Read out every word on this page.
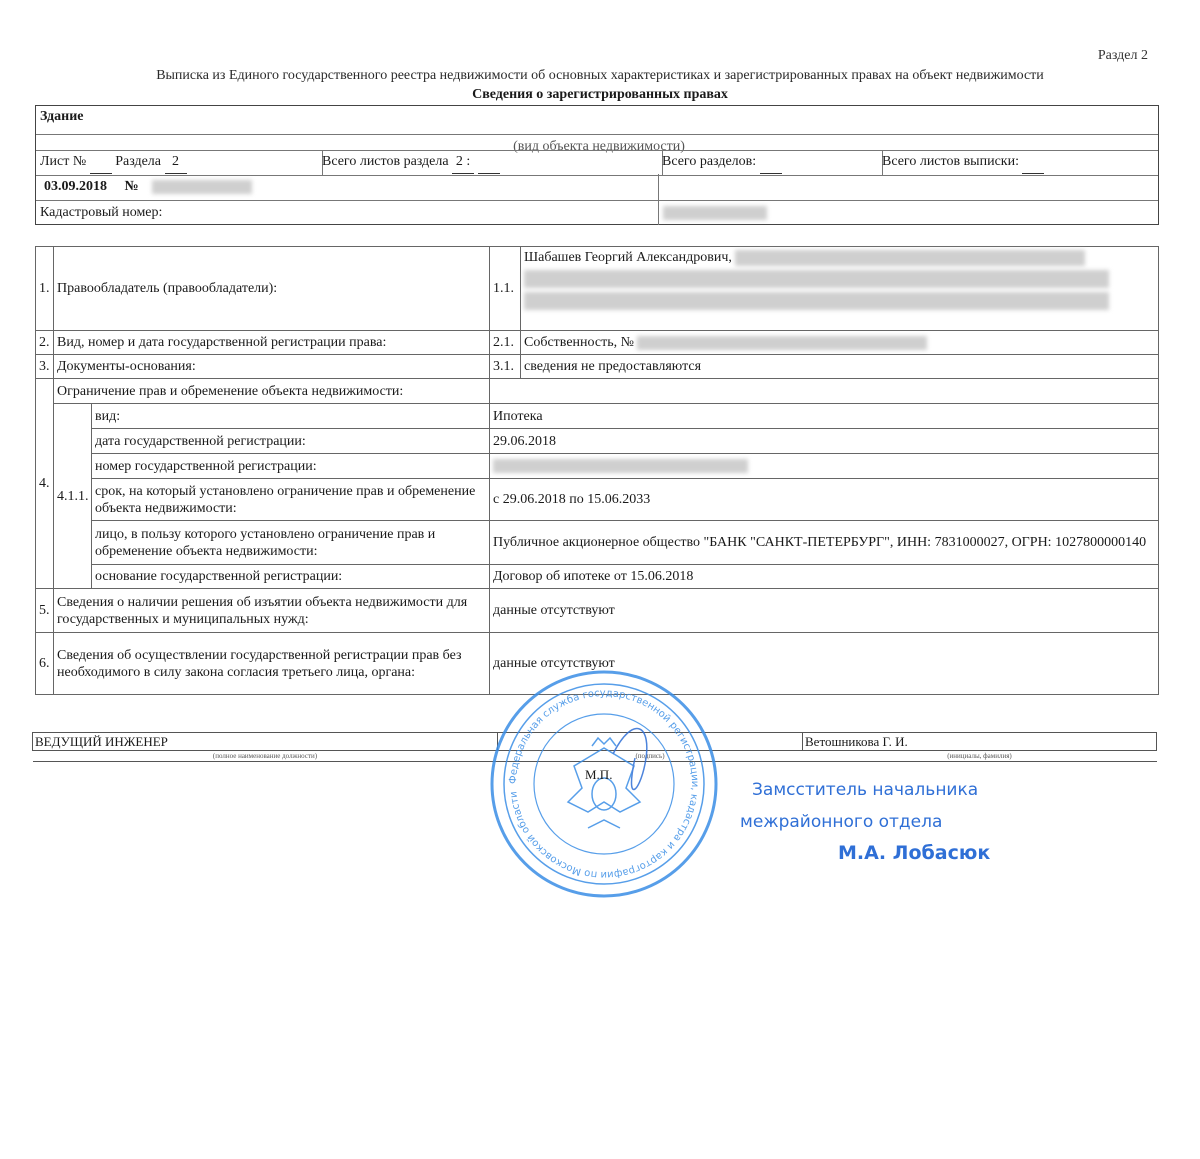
Раздел 2
Выписка из Единого государственного реестра недвижимости об основных характеристиках и зарегистрированных правах на объект недвижимости
Сведения о зарегистрированных правах
Здание
(вид объекта недвижимости)
Лист № Раздела 2	Всего листов раздела 2 :	Всего разделов:	Всего листов выписки:
03.09.2018 №
Кадастровый номер:
1.	Правообладатель (правообладатели):		1.1.	Шабашев Георгий Александрович,

2.	Вид, номер и дата государственной регистрации права:		2.1.	Собственность, №
3.	Документы-основания:		3.1.	сведения не предоставляются
4.	Ограничение прав и обременение объекта недвижимости:			
	4.1.1.	вид:	Ипотека	
		дата государственной регистрации:	29.06.2018	
		номер государственной регистрации:		
		срок, на который установлено ограничение прав и обременение объекта недвижимости:	с 29.06.2018 по 15.06.2033	
		лицо, в пользу которого установлено ограничение прав и обременение объекта недвижимости:	Публичное акционерное общество "БАНК "САНКТ-ПЕТЕРБУРГ", ИНН: 7831000027, ОГРН: 1027800000140	
		основание государственной регистрации:	Договор об ипотеке от 15.06.2018	
5.	Сведения о наличии решения об изъятии объекта недвижимости для государственных и муниципальных нужд:		данные отсутствуют	
6.	Сведения об осуществлении государственной регистрации прав без необходимого в силу закона согласия третьего лица, органа:		данные отсутствуют	
ВЕДУЩИЙ ИНЖЕНЕР		Ветошникова Г. И.
(полное наименование должности)	(подпись)	(инициалы, фамилия)
Федеральная служба государственной регистрации, кадастра и картографии по Московской области
М.П.
Замсститель начальника
межрайонного отдела
М.А. Лобасюк
